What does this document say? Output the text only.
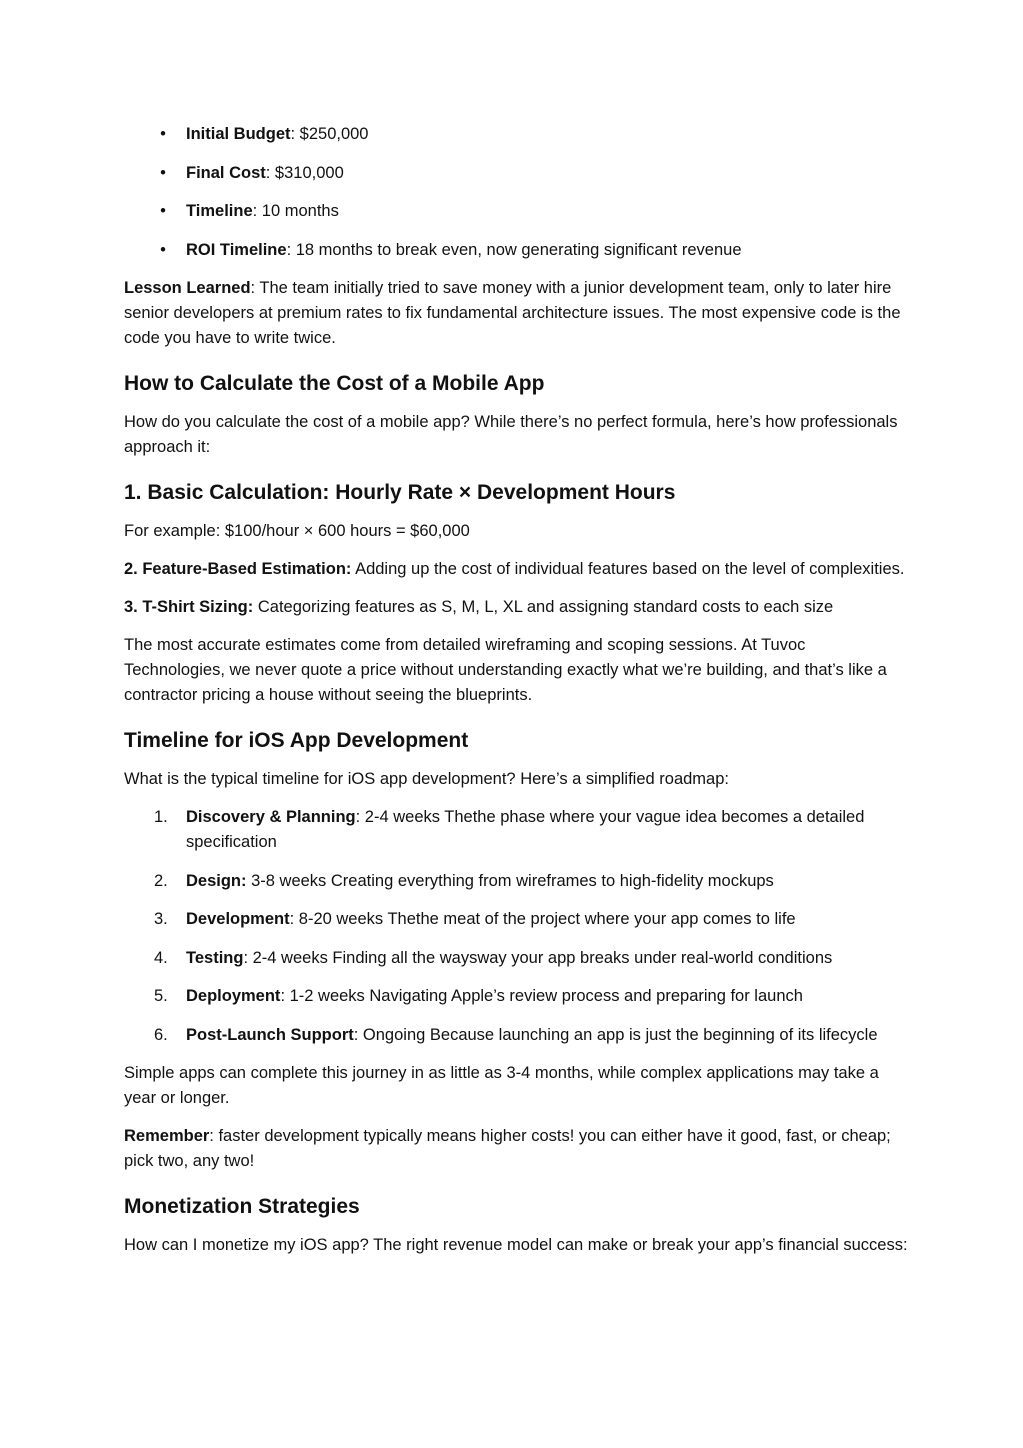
• Initial Budget: $250,000
• Final Cost: $310,000
• Timeline: 10 months
• ROI Timeline: 18 months to break even, now generating significant revenue

Lesson Learned: The team initially tried to save money with a junior development team, only to later hire senior developers at premium rates to fix fundamental architecture issues. The most expensive code is the code you have to write twice.

How to Calculate the Cost of a Mobile App

How do you calculate the cost of a mobile app? While there’s no perfect formula, here’s how professionals approach it:

1. Basic Calculation: Hourly Rate × Development Hours

For example: $100/hour × 600 hours = $60,000

2. Feature-Based Estimation: Adding up the cost of individual features based on the level of complexities.

3. T-Shirt Sizing: Categorizing features as S, M, L, XL and assigning standard costs to each size

The most accurate estimates come from detailed wireframing and scoping sessions. At Tuvoc Technologies, we never quote a price without understanding exactly what we’re building, and that’s like a contractor pricing a house without seeing the blueprints.

Timeline for iOS App Development

What is the typical timeline for iOS app development? Here’s a simplified roadmap:

1. Discovery & Planning: 2-4 weeks Thethe phase where your vague idea becomes a detailed specification
2. Design: 3-8 weeks Creating everything from wireframes to high-fidelity mockups
3. Development: 8-20 weeks Thethe meat of the project where your app comes to life
4. Testing: 2-4 weeks Finding all the waysway your app breaks under real-world conditions
5. Deployment: 1-2 weeks Navigating Apple’s review process and preparing for launch
6. Post-Launch Support: Ongoing Because launching an app is just the beginning of its lifecycle

Simple apps can complete this journey in as little as 3-4 months, while complex applications may take a year or longer.

Remember: faster development typically means higher costs! you can either have it good, fast, or cheap; pick two, any two!

Monetization Strategies

How can I monetize my iOS app? The right revenue model can make or break your app’s financial success:
